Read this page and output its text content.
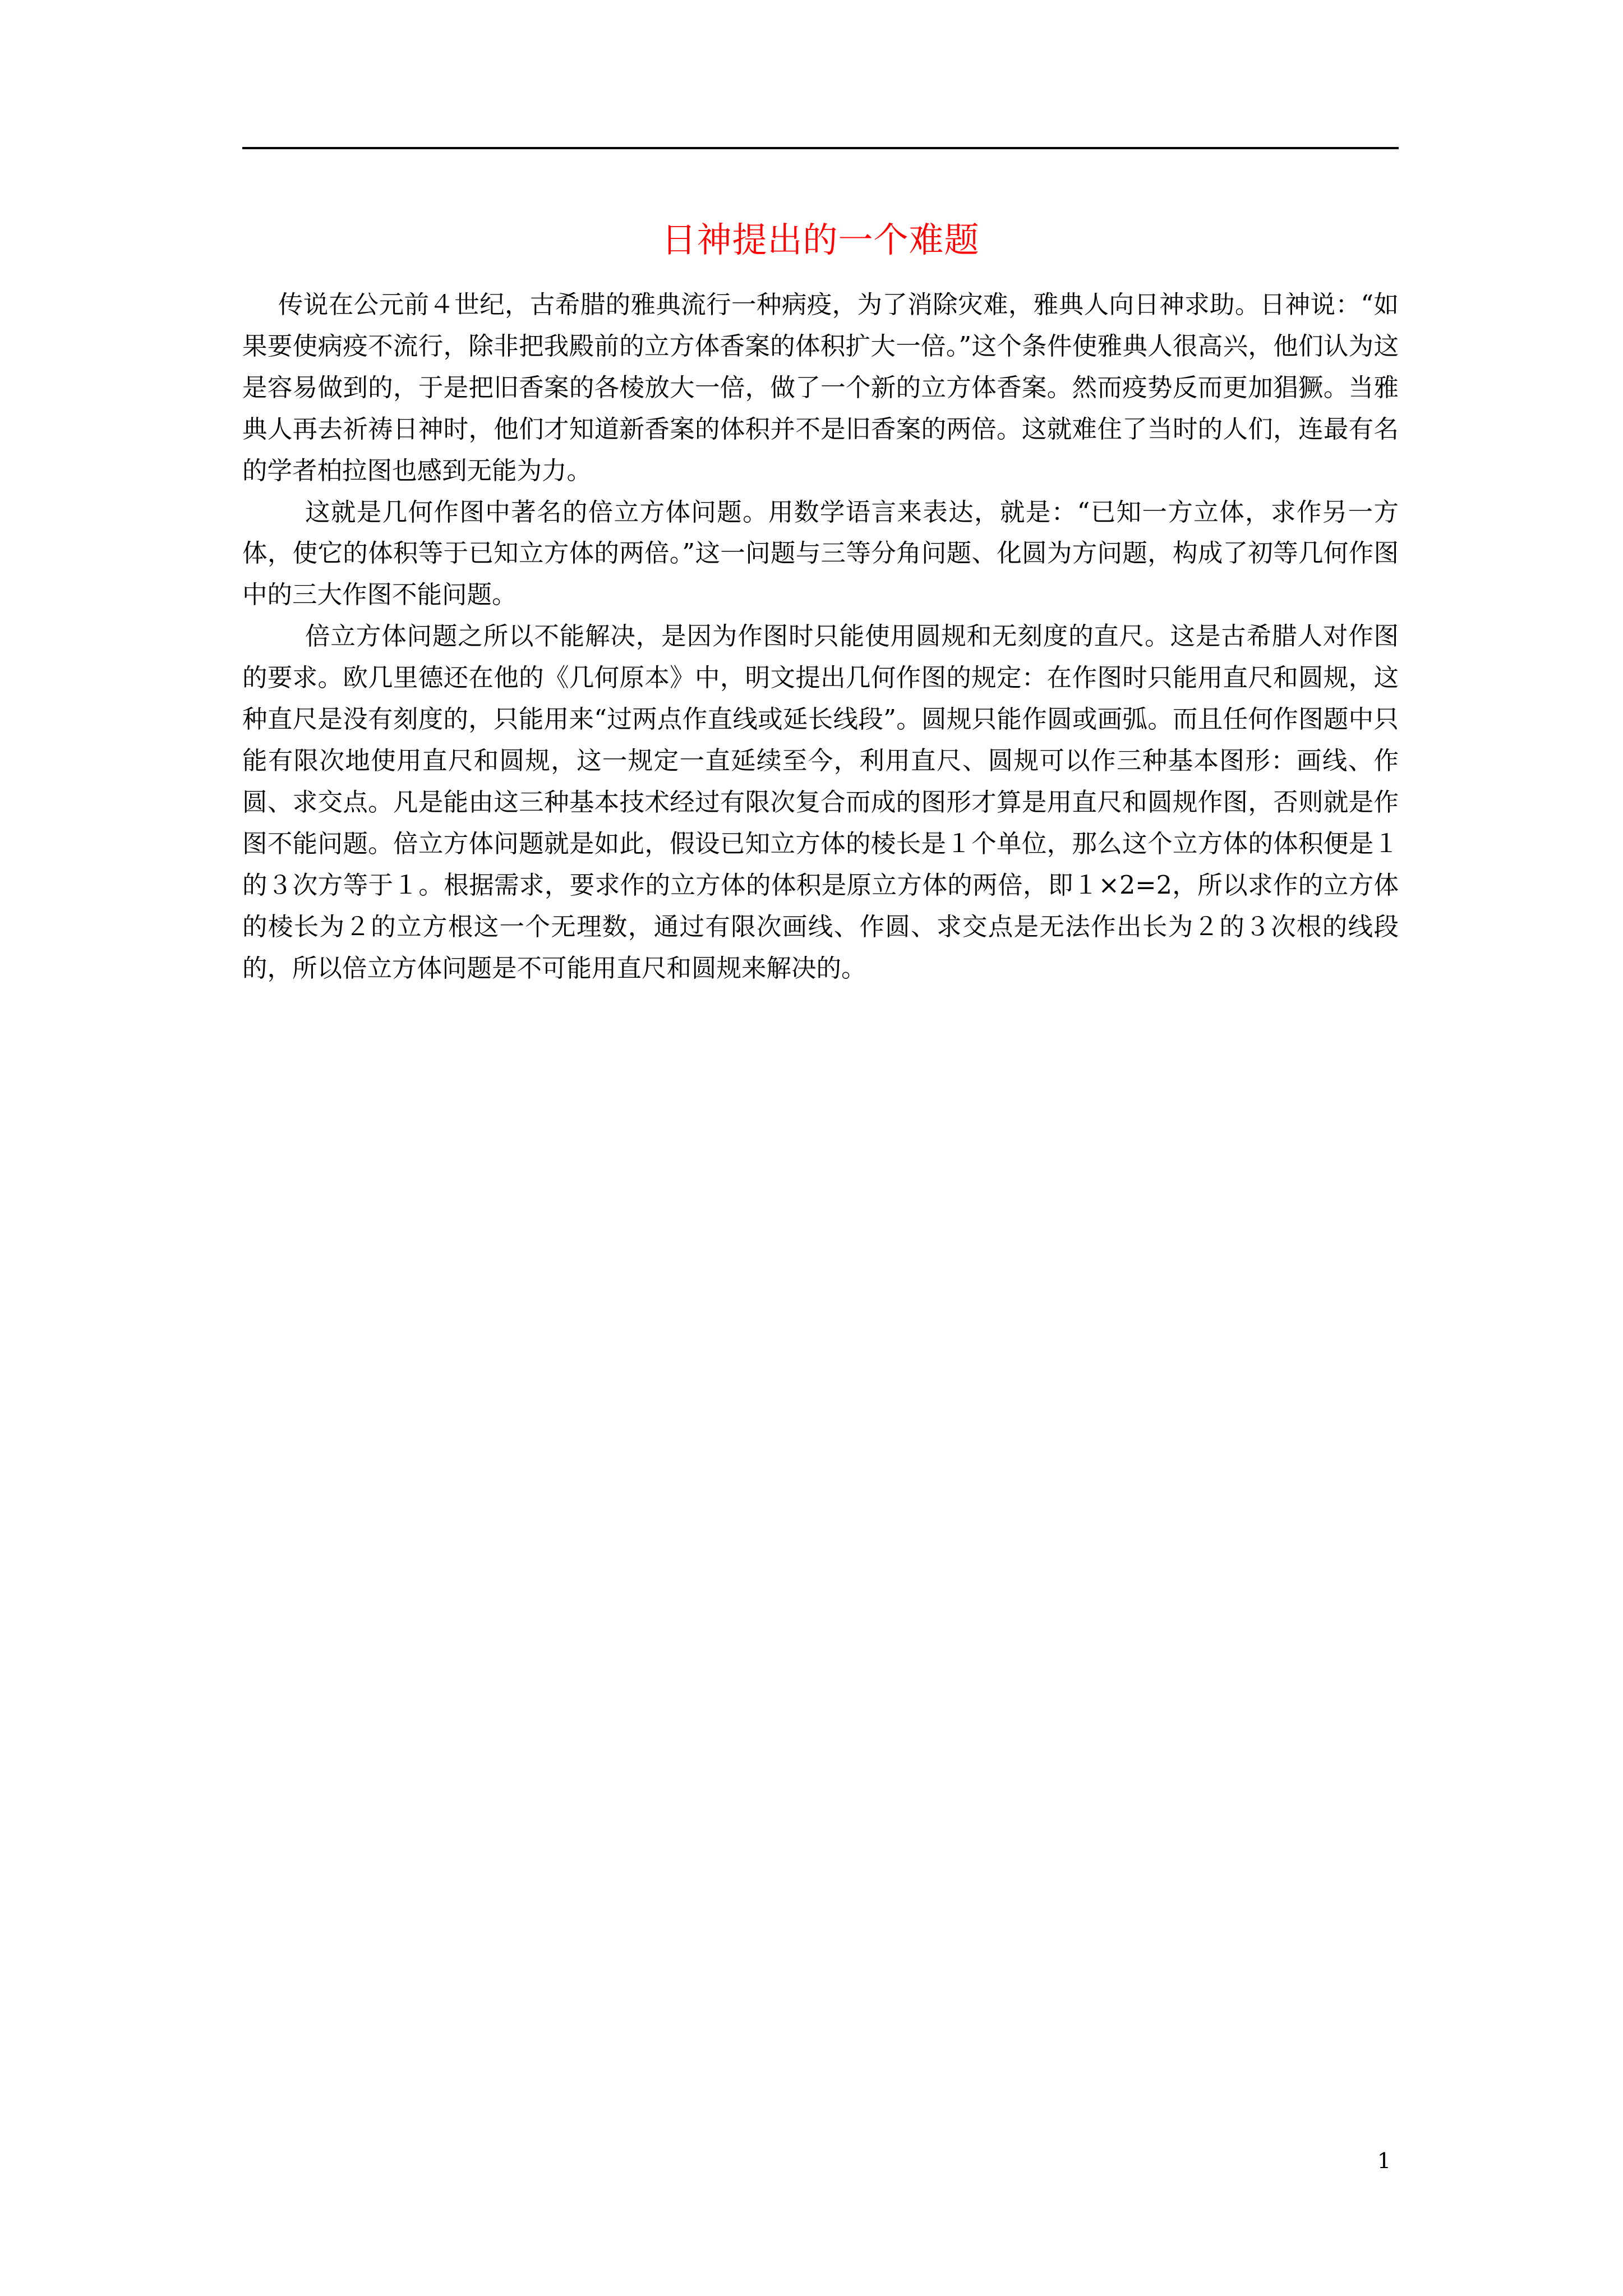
日神提出的一个难题

传说在公元前４世纪，古希腊的雅典流行一种病疫，为了消除灾难，雅典人向日神求助。日神说：“如果要使病疫不流行，除非把我殿前的立方体香案的体积扩大一倍。”这个条件使雅典人很高兴，他们认为这是容易做到的，于是把旧香案的各棱放大一倍，做了一个新的立方体香案。然而疫势反而更加猖獗。当雅典人再去祈祷日神时，他们才知道新香案的体积并不是旧香案的两倍。这就难住了当时的人们，连最有名的学者柏拉图也感到无能为力。

这就是几何作图中著名的倍立方体问题。用数学语言来表达，就是：“已知一方立体，求作另一方体，使它的体积等于已知立方体的两倍。”这一问题与三等分角问题、化圆为方问题，构成了初等几何作图中的三大作图不能问题。

倍立方体问题之所以不能解决，是因为作图时只能使用圆规和无刻度的直尺。这是古希腊人对作图的要求。欧几里德还在他的《几何原本》中，明文提出几何作图的规定：在作图时只能用直尺和圆规，这种直尺是没有刻度的，只能用来“过两点作直线或延长线段”。圆规只能作圆或画弧。而且任何作图题中只能有限次地使用直尺和圆规，这一规定一直延续至今，利用直尺、圆规可以作三种基本图形：画线、作圆、求交点。凡是能由这三种基本技术经过有限次复合而成的图形才算是用直尺和圆规作图，否则就是作图不能问题。倍立方体问题就是如此，假设已知立方体的棱长是１个单位，那么这个立方体的体积便是１的３次方等于１。根据需求，要求作的立方体的体积是原立方体的两倍，即１×2=2，所以求作的立方体的棱长为２的立方根这一个无理数，通过有限次画线、作圆、求交点是无法作出长为２的３次根的线段的，所以倍立方体问题是不可能用直尺和圆规来解决的。

1
